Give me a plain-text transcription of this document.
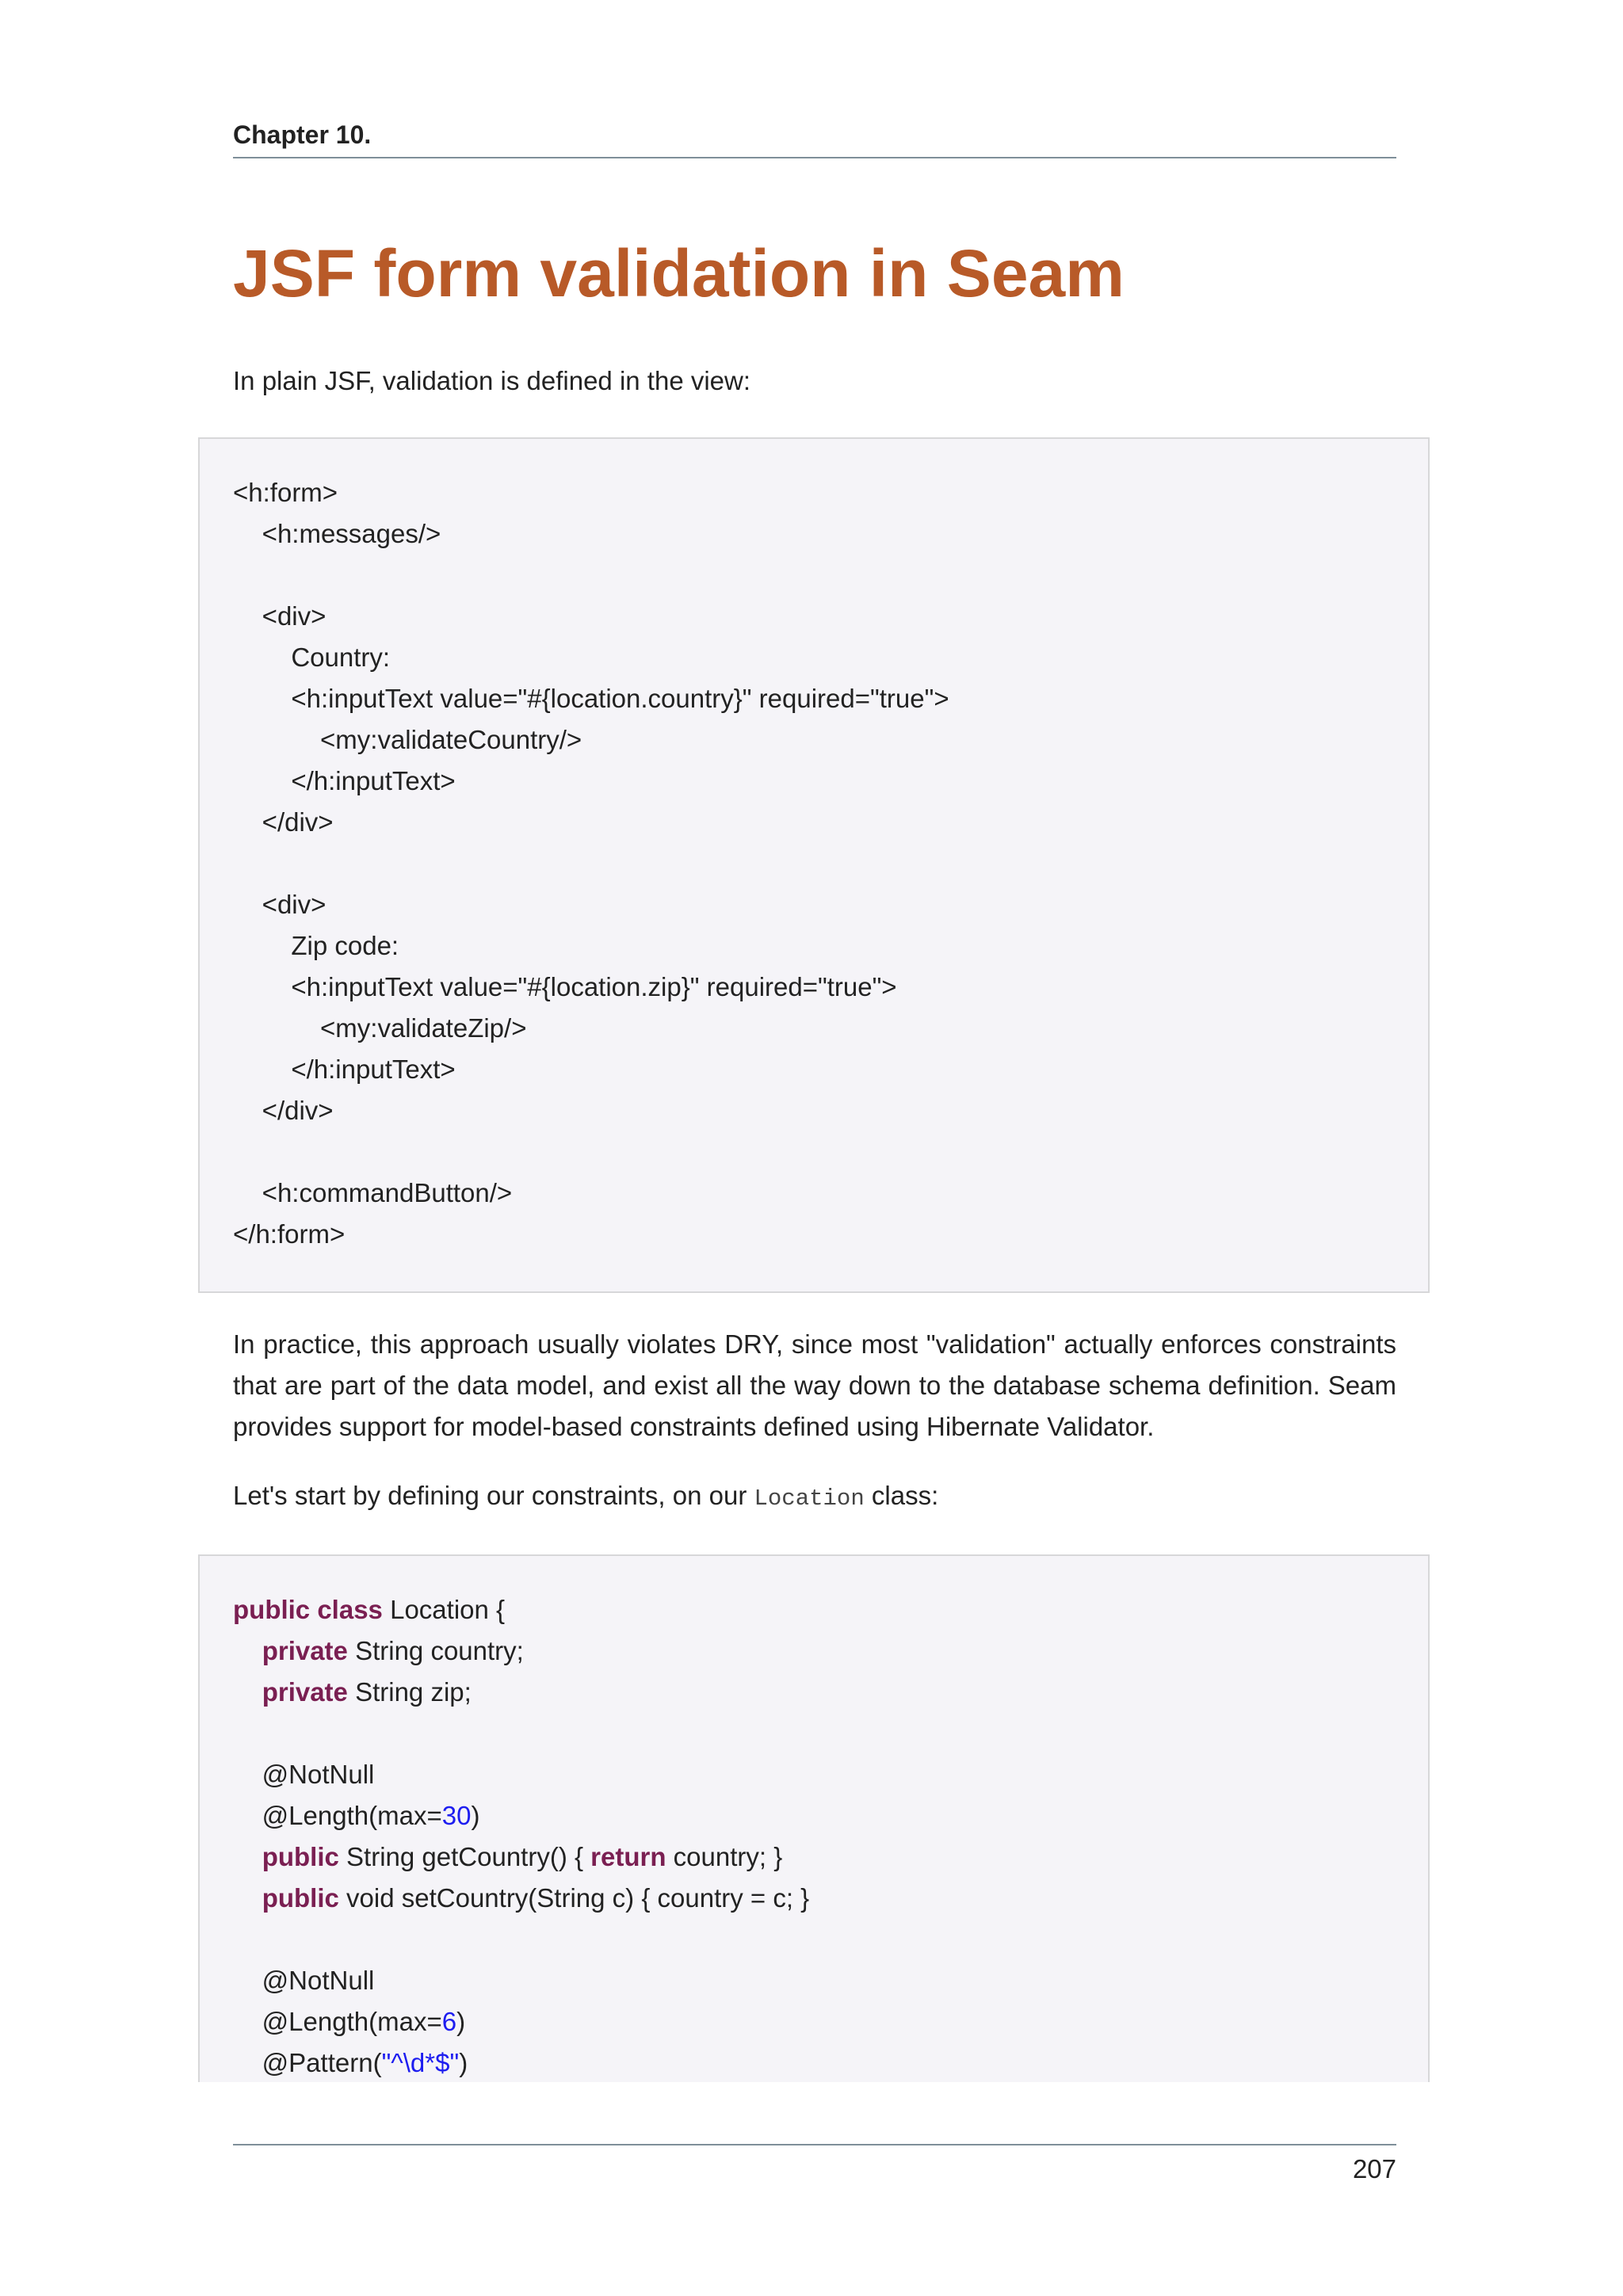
Chapter 10.
JSF form validation in Seam

In plain JSF, validation is defined in the view:

<h:form>
<h:messages/>
<div>
Country:
<h:inputText value="#{location.country}" required="true">
<my:validateCountry/>
</h:inputText>
</div>
<div>
Zip code:
<h:inputText value="#{location.zip}" required="true">
<my:validateZip/>
</h:inputText>
</div>
<h:commandButton/>
</h:form>

In practice, this approach usually violates DRY, since most "validation" actually enforces constraints that are part of the data model, and exist all the way down to the database schema definition. Seam provides support for model-based constraints defined using Hibernate Validator.

Let's start by defining our constraints, on our Location class:

public class Location {
private String country;
private String zip;
@NotNull
@Length(max=30)
public String getCountry() { return country; }
public void setCountry(String c) { country = c; }
@NotNull
@Length(max=6)
@Pattern("^\d*$")
207
